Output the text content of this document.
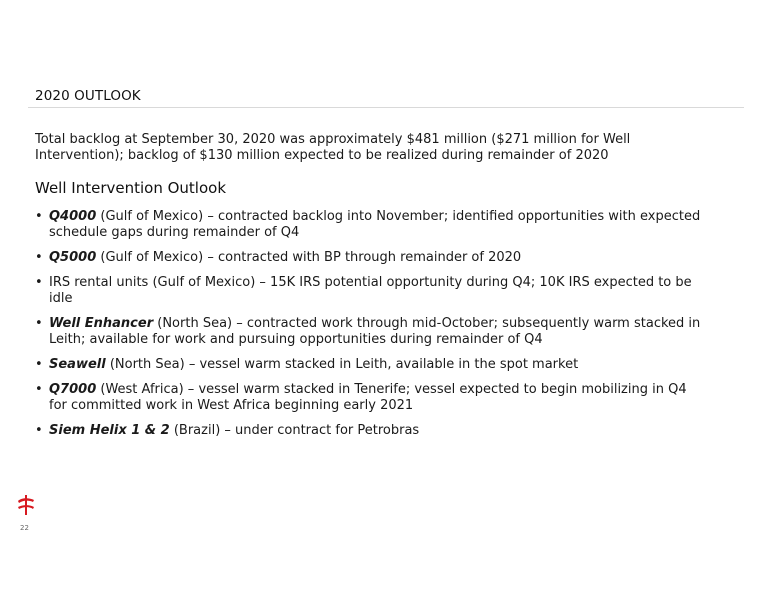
2020 OUTLOOK
Total backlog at September 30, 2020 was approximately $481 million ($271 million for Well Intervention); backlog of $130 million expected to be realized during remainder of 2020
Well Intervention Outlook
• Q4000 (Gulf of Mexico) – contracted backlog into November; identified opportunities with expected schedule gaps during remainder of Q4
• Q5000 (Gulf of Mexico) – contracted with BP through remainder of 2020
• IRS rental units (Gulf of Mexico) – 15K IRS potential opportunity during Q4; 10K IRS expected to be idle
• Well Enhancer (North Sea) – contracted work through mid-October; subsequently warm stacked in Leith; available for work and pursuing opportunities during remainder of Q4
• Seawell (North Sea) – vessel warm stacked in Leith, available in the spot market
• Q7000 (West Africa) – vessel warm stacked in Tenerife; vessel expected to begin mobilizing in Q4 for committed work in West Africa beginning early 2021
• Siem Helix 1 & 2 (Brazil) – under contract for Petrobras
22
